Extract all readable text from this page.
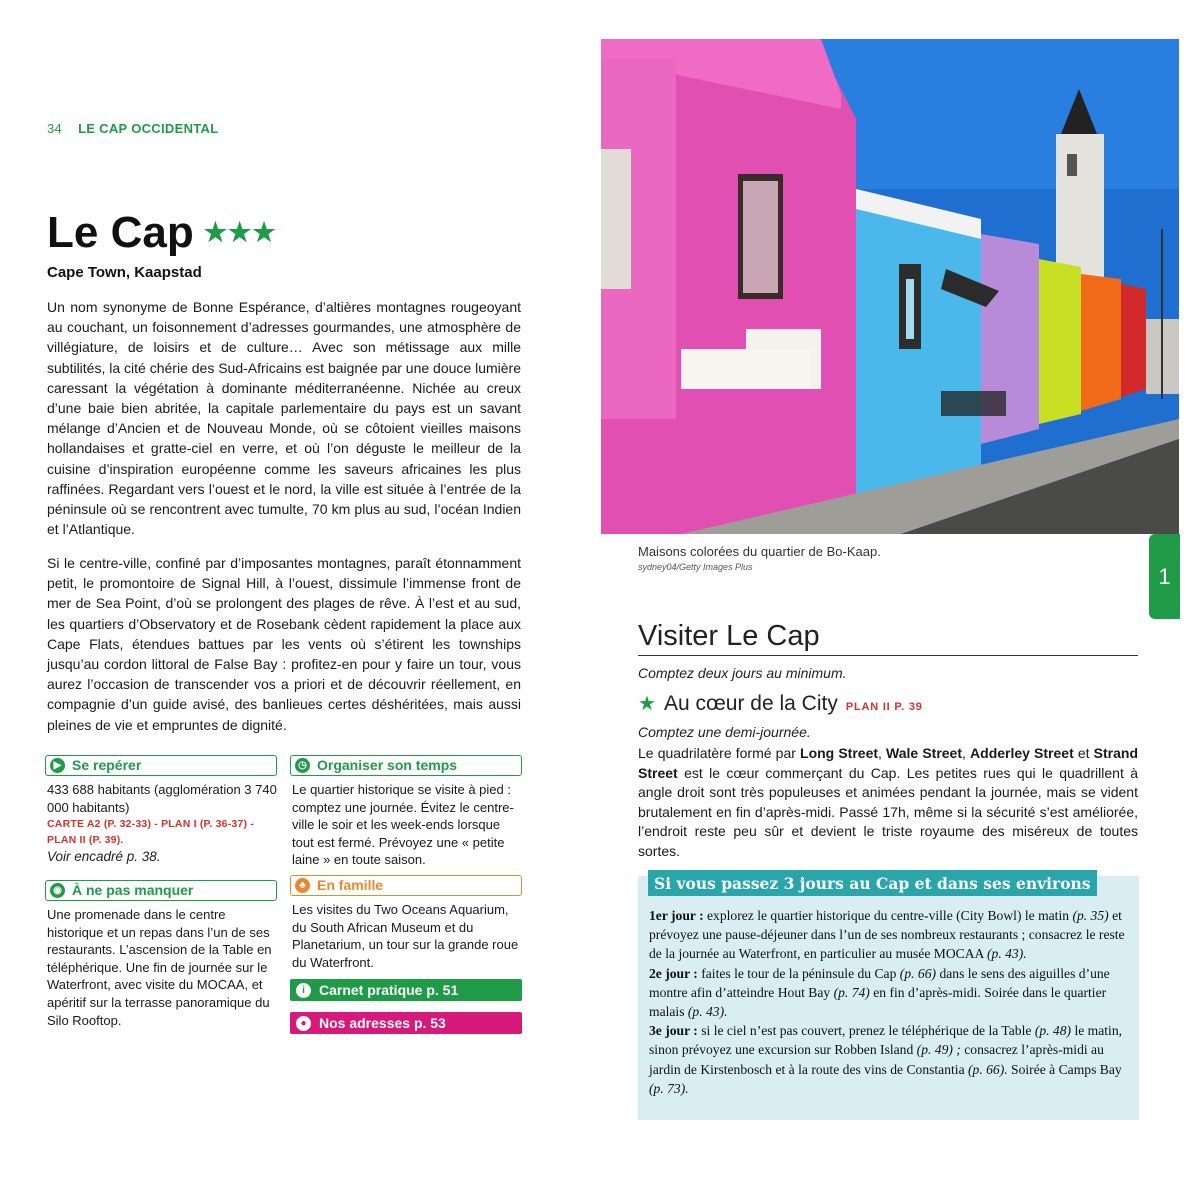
34 LE CAP OCCIDENTAL
Le Cap ★★★
Cape Town, Kaapstad
Un nom synonyme de Bonne Espérance, d’altières montagnes rougeoyant au couchant, un foisonnement d’adresses gourmandes, une atmosphère de villégiature, de loisirs et de culture… Avec son métissage aux mille subtilités, la cité chérie des Sud-Africains est baignée par une douce lumière caressant la végétation à dominante méditerranéenne. Nichée au creux d’une baie bien abritée, la capitale parlementaire du pays est un savant mélange d’Ancien et de Nouveau Monde, où se côtoient vieilles maisons hollandaises et gratte-ciel en verre, et où l’on déguste le meilleur de la cuisine d’inspiration européenne comme les saveurs africaines les plus raffinées. Regardant vers l’ouest et le nord, la ville est située à l’entrée de la péninsule où se rencontrent avec tumulte, 70 km plus au sud, l’océan Indien et l’Atlantique.
Si le centre-ville, confiné par d’imposantes montagnes, paraît étonnamment petit, le promontoire de Signal Hill, à l’ouest, dissimule l’immense front de mer de Sea Point, d’où se prolongent des plages de rêve. À l’est et au sud, les quartiers d’Observatory et de Rosebank cèdent rapidement la place aux Cape Flats, étendues battues par les vents où s’étirent les townships jusqu’au cordon littoral de False Bay : profitez-en pour y faire un tour, vous aurez l’occasion de transcender vos a priori et de découvrir réellement, en compagnie d’un guide avisé, des banlieues certes déshéritées, mais aussi pleines de vie et empruntes de dignité.
▶ Se repérer
433 688 habitants (agglomération 3 740 000 habitants)
CARTE A2 (P. 32-33) - PLAN I (P. 36-37) -
PLAN II (P. 39).
Voir encadré p. 38.
◷ Organiser son temps
Le quartier historique se visite à pied : comptez une journée. Évitez le centre-ville le soir et les week-ends lorsque tout est fermé. Prévoyez une « petite laine » en toute saison.
◉ À ne pas manquer
Une promenade dans le centre historique et un repas dans l’un de ses restaurants. L’ascension de la Table en téléphérique. Une fin de journée sur le Waterfront, avec visite du MOCAA, et apéritif sur la terrasse panoramique du Silo Rooftop.
♣ En famille
Les visites du Two Oceans Aquarium, du South African Museum et du Planetarium, un tour sur la grande roue du Waterfront.
i	Carnet pratique p. 51
● Nos adresses p. 53
Maisons colorées du quartier de Bo-Kaap.
sydney04/Getty Images Plus	1
Visiter Le Cap
Comptez deux jours au minimum.
★ Au cœur de la City PLAN II P. 39
Comptez une demi-journée.
Le quadrilatère formé par Long Street, Wale Street, Adderley Street et Strand Street est le cœur commerçant du Cap. Les petites rues qui le quadrillent à angle droit sont très populeuses et animées pendant la journée, mais se vident brutalement en fin d’après-midi. Passé 17h, même si la sécurité s’est améliorée, l’endroit reste peu sûr et devient le triste royaume des miséreux de toutes sortes.
Si vous passez 3 jours au Cap et dans ses environs
1er jour : explorez le quartier historique du centre-ville (City Bowl) le matin (p. 35) et prévoyez une pause-déjeuner dans l’un de ses nombreux restaurants ; consacrez le reste de la journée au Waterfront, en particulier au musée MOCAA (p. 43).
2e jour : faites le tour de la péninsule du Cap (p. 66) dans le sens des aiguilles d’une montre afin d’atteindre Hout Bay (p. 74) en fin d’après-midi. Soirée dans le quartier malais (p. 43).
3e jour : si le ciel n’est pas couvert, prenez le téléphérique de la Table (p. 48) le matin, sinon prévoyez une excursion sur Robben Island (p. 49) ; consacrez l’après-midi au jardin de Kirstenbosch et à la route des vins de Constantia (p. 66). Soirée à Camps Bay (p. 73).
